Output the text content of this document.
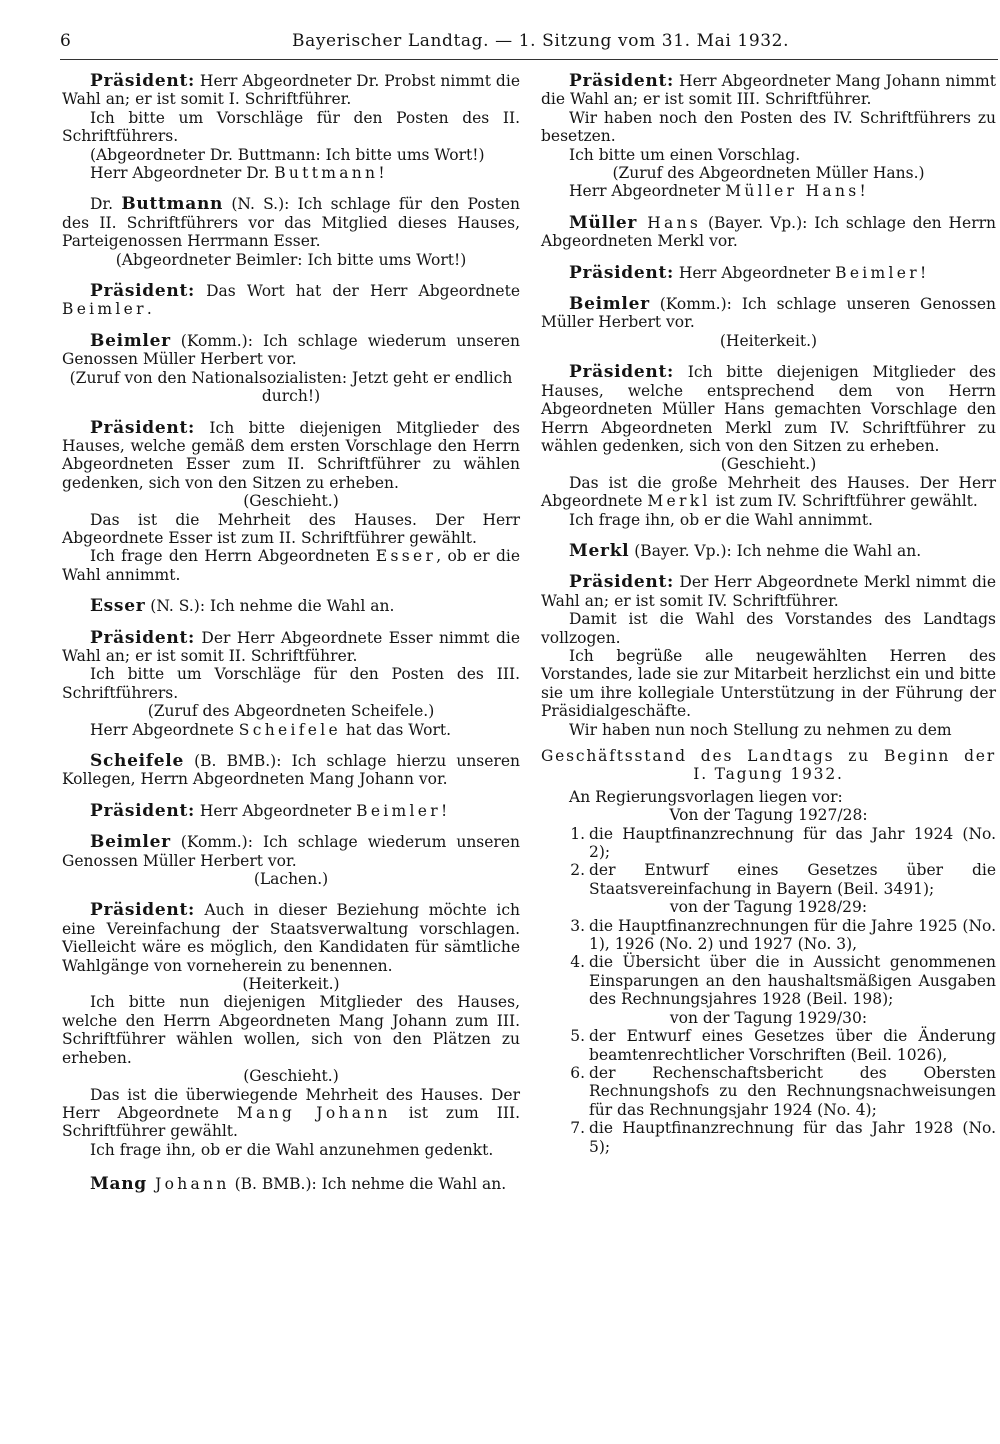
6	Bayerischer Landtag. — 1. Sitzung vom 31. Mai 1932.

Präsident: Herr Abgeordneter Dr. Probst nimmt die Wahl an; er ist somit I. Schriftführer.

Ich bitte um Vorschläge für den Posten des II. Schriftführers.

(Abgeordneter Dr. Buttmann: Ich bitte ums Wort!)

Herr Abgeordneter Dr. Buttmann!

Dr. Buttmann (N. S.): Ich schlage für den Posten des II. Schriftführers vor das Mitglied dieses Hauses, Parteigenossen Herrmann Esser.

(Abgeordneter Beimler: Ich bitte ums Wort!)

Präsident: Das Wort hat der Herr Abgeordnete Beimler.

Beimler (Komm.): Ich schlage wiederum unseren Genossen Müller Herbert vor.

(Zuruf von den Nationalsozialisten: Jetzt geht er endlich durch!)

Präsident: Ich bitte diejenigen Mitglieder des Hauses, welche gemäß dem ersten Vorschlage den Herrn Abgeordneten Esser zum II. Schriftführer zu wählen gedenken, sich von den Sitzen zu erheben.

(Geschieht.)

Das ist die Mehrheit des Hauses. Der Herr Abgeordnete Esser ist zum II. Schriftführer gewählt.

Ich frage den Herrn Abgeordneten Esser, ob er die Wahl annimmt.

Esser (N. S.): Ich nehme die Wahl an.

Präsident: Der Herr Abgeordnete Esser nimmt die Wahl an; er ist somit II. Schriftführer.

Ich bitte um Vorschläge für den Posten des III. Schriftführers.

(Zuruf des Abgeordneten Scheifele.)

Herr Abgeordnete Scheifele hat das Wort.

Scheifele (B. BMB.): Ich schlage hierzu unseren Kollegen, Herrn Abgeordneten Mang Johann vor.

Präsident: Herr Abgeordneter Beimler!

Beimler (Komm.): Ich schlage wiederum unseren Genossen Müller Herbert vor.

(Lachen.)

Präsident: Auch in dieser Beziehung möchte ich eine Vereinfachung der Staatsverwaltung vorschlagen. Vielleicht wäre es möglich, den Kandidaten für sämtliche Wahlgänge von vorneherein zu benennen.

(Heiterkeit.)

Ich bitte nun diejenigen Mitglieder des Hauses, welche den Herrn Abgeordneten Mang Johann zum III. Schriftführer wählen wollen, sich von den Plätzen zu erheben.

(Geschieht.)

Das ist die überwiegende Mehrheit des Hauses. Der Herr Abgeordnete Mang Johann ist zum III. Schriftführer gewählt.

Ich frage ihn, ob er die Wahl anzunehmen gedenkt.

Mang Johann (B. BMB.): Ich nehme die Wahl an.

Präsident: Herr Abgeordneter Mang Johann nimmt die Wahl an; er ist somit III. Schriftführer.

Wir haben noch den Posten des IV. Schriftführers zu besetzen.

Ich bitte um einen Vorschlag.

(Zuruf des Abgeordneten Müller Hans.)

Herr Abgeordneter Müller Hans!

Müller Hans (Bayer. Vp.): Ich schlage den Herrn Abgeordneten Merkl vor.

Präsident: Herr Abgeordneter Beimler!

Beimler (Komm.): Ich schlage unseren Genossen Müller Herbert vor.

(Heiterkeit.)

Präsident: Ich bitte diejenigen Mitglieder des Hauses, welche entsprechend dem von Herrn Abgeordneten Müller Hans gemachten Vorschlage den Herrn Abgeordneten Merkl zum IV. Schriftführer zu wählen gedenken, sich von den Sitzen zu erheben.

(Geschieht.)

Das ist die große Mehrheit des Hauses. Der Herr Abgeordnete Merkl ist zum IV. Schriftführer gewählt.

Ich frage ihn, ob er die Wahl annimmt.

Merkl (Bayer. Vp.): Ich nehme die Wahl an.

Präsident: Der Herr Abgeordnete Merkl nimmt die Wahl an; er ist somit IV. Schriftführer.

Damit ist die Wahl des Vorstandes des Landtags vollzogen.

Ich begrüße alle neugewählten Herren des Vorstandes, lade sie zur Mitarbeit herzlichst ein und bitte sie um ihre kollegiale Unterstützung in der Führung der Präsidialgeschäfte.

Wir haben nun noch Stellung zu nehmen zu dem

Geschäftsstand des Landtags zu Beginn der

I. Tagung 1932.

An Regierungsvorlagen liegen vor:

Von der Tagung 1927/28:

1. die Hauptfinanzrechnung für das Jahr 1924 (No. 2);
2. der Entwurf eines Gesetzes über die Staatsvereinfachung in Bayern (Beil. 3491);

von der Tagung 1928/29:

3. die Hauptfinanzrechnungen für die Jahre 1925 (No. 1), 1926 (No. 2) und 1927 (No. 3),
4. die Übersicht über die in Aussicht genommenen Einsparungen an den haushaltsmäßigen Ausgaben des Rechnungsjahres 1928 (Beil. 198);

von der Tagung 1929/30:

5. der Entwurf eines Gesetzes über die Änderung beamtenrechtlicher Vorschriften (Beil. 1026),
6. der Rechenschaftsbericht des Obersten Rechnungshofs zu den Rechnungsnachweisungen für das Rechnungsjahr 1924 (No. 4);
7. die Hauptfinanzrechnung für das Jahr 1928 (No. 5);
